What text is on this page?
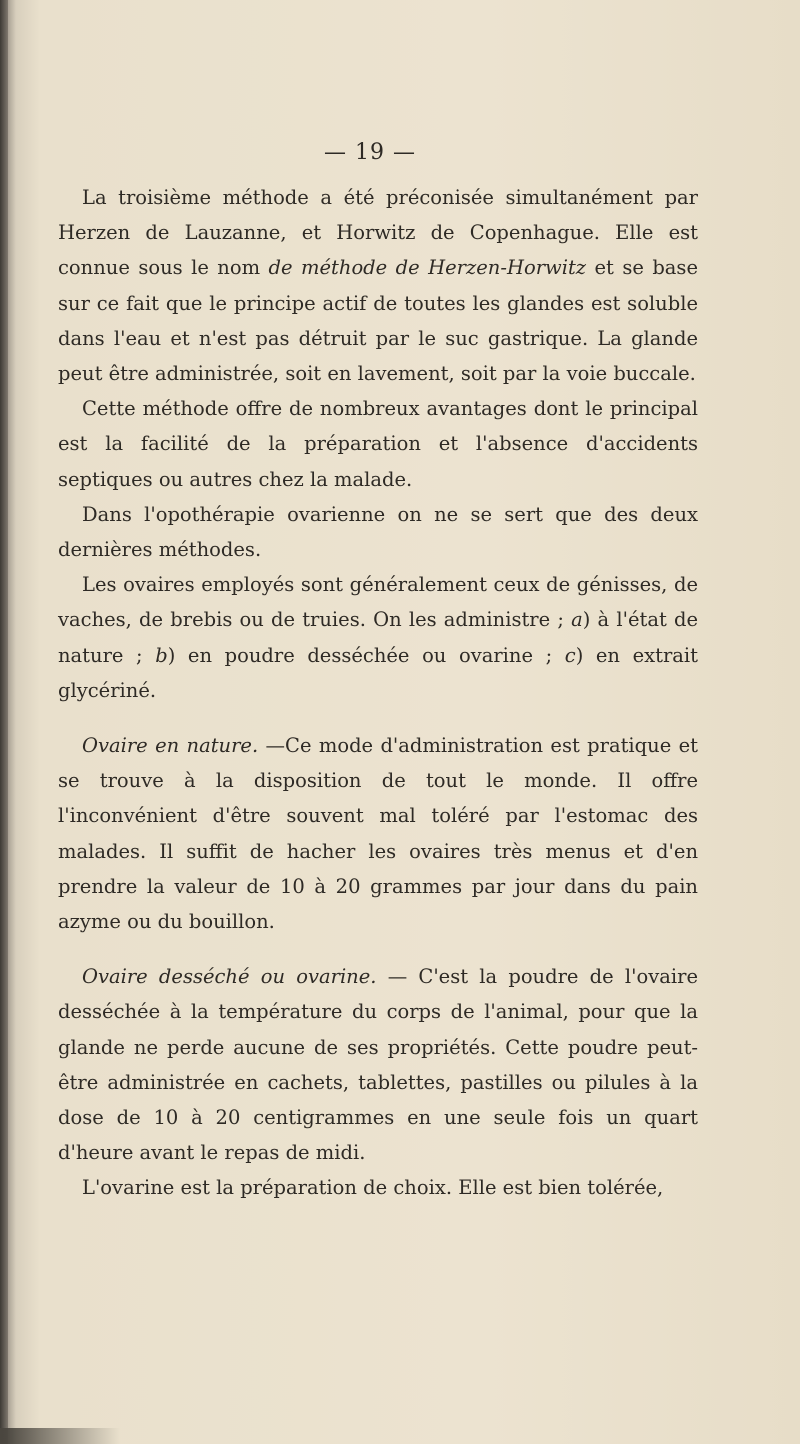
— 19 —

La troisième méthode a été préconisée simultanément par Herzen de Lauzanne, et Horwitz de Copenhague. Elle est connue sous le nom de méthode de Herzen-Horwitz et se base sur ce fait que le principe actif de toutes les glandes est soluble dans l'eau et n'est pas détruit par le suc gastrique. La glande peut être administrée, soit en lavement, soit par la voie buccale.

Cette méthode offre de nombreux avantages dont le principal est la facilité de la préparation et l'absence d'accidents septiques ou autres chez la malade.

Dans l'opothérapie ovarienne on ne se sert que des deux dernières méthodes.

Les ovaires employés sont généralement ceux de génisses, de vaches, de brebis ou de truies. On les administre ; a) à l'état de nature ; b) en poudre desséchée ou ovarine ; c) en extrait glycériné.

Ovaire en nature. —Ce mode d'administration est pratique et se trouve à la disposition de tout le monde. Il offre l'inconvénient d'être souvent mal toléré par l'estomac des malades. Il suffit de hacher les ovaires très menus et d'en prendre la valeur de 10 à 20 grammes par jour dans du pain azyme ou du bouillon.

Ovaire desséché ou ovarine. — C'est la poudre de l'ovaire desséchée à la température du corps de l'animal, pour que la glande ne perde aucune de ses propriétés. Cette poudre peut-être administrée en cachets, tablettes, pastilles ou pilules à la dose de 10 à 20 centigrammes en une seule fois un quart d'heure avant le repas de midi.

L'ovarine est la préparation de choix. Elle est bien tolérée,
